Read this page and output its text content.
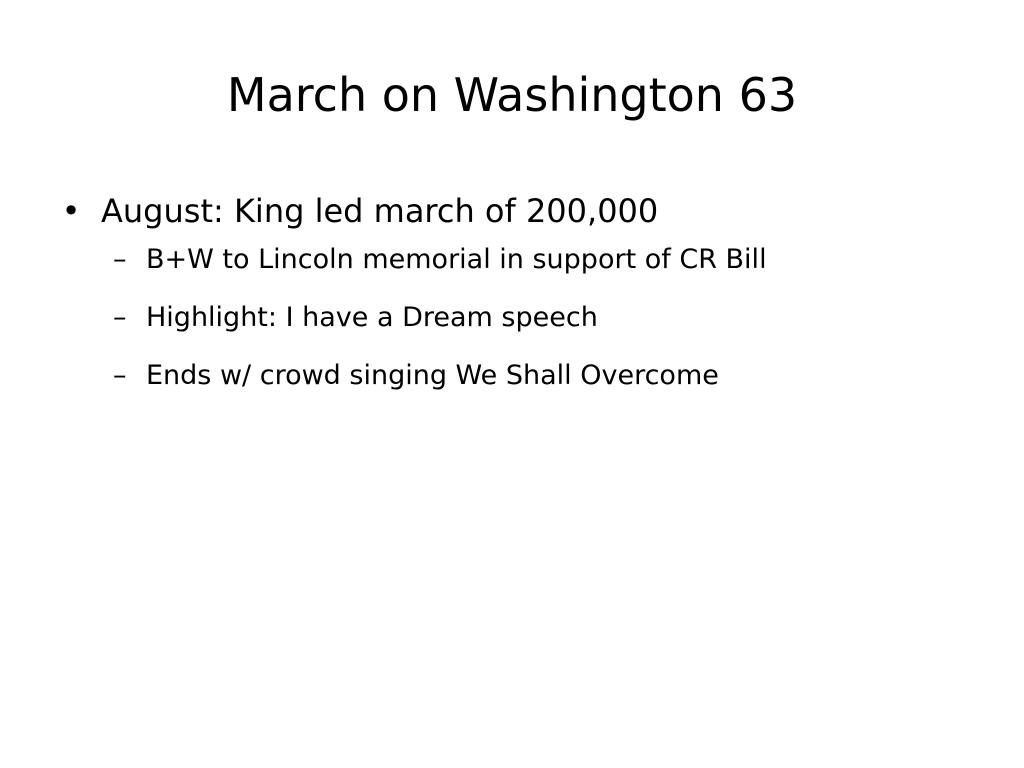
March on Washington 63
• August: King led march of 200,000
– B+W to Lincoln memorial in support of CR Bill
– Highlight: I have a Dream speech
– Ends w/ crowd singing We Shall Overcome
